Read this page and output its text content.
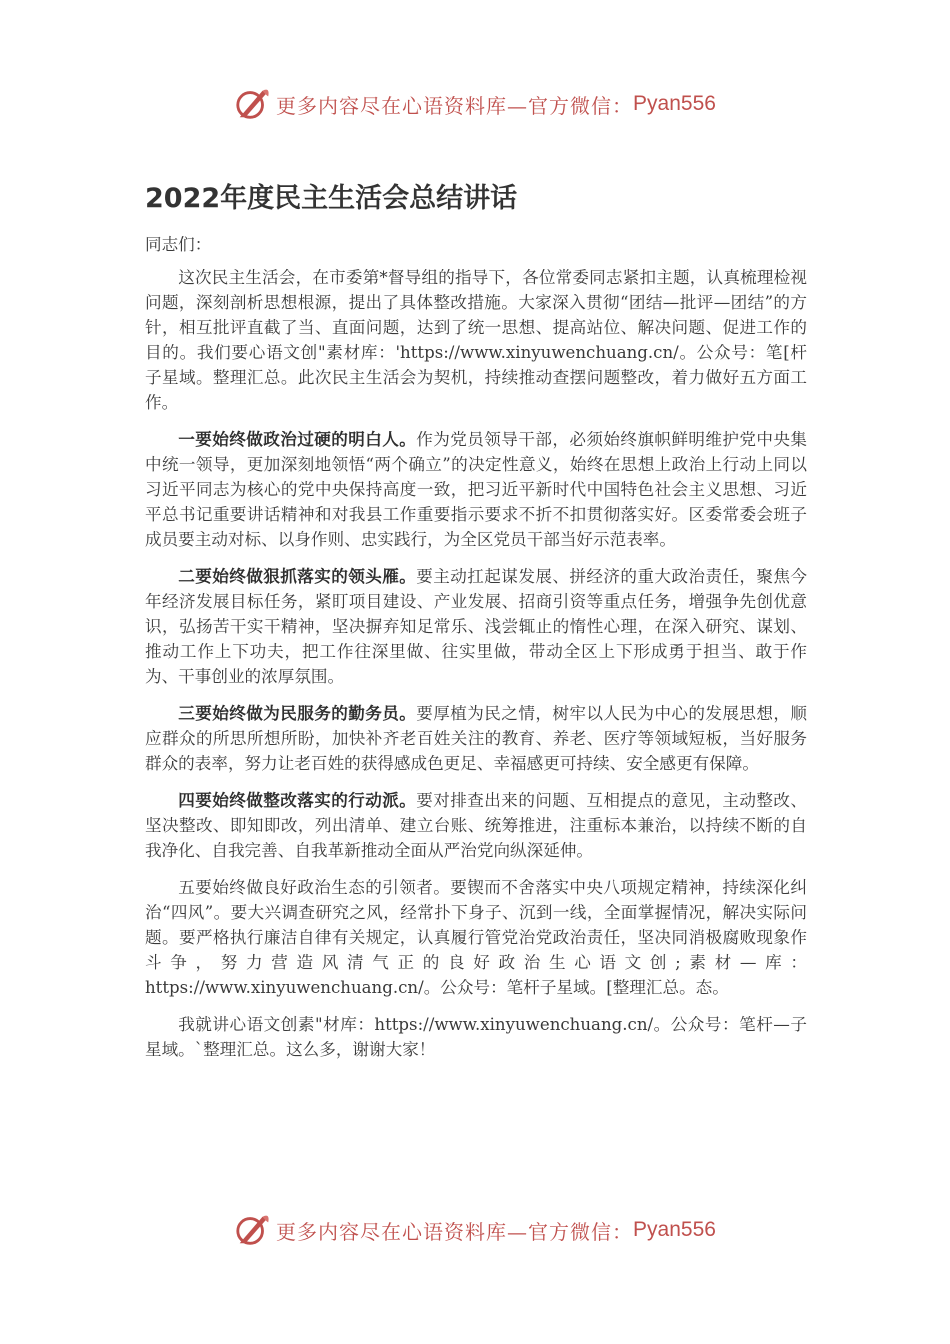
更多内容尽在心语资料库—官方微信： Pyan556
2022年度民主生活会总结讲话

同志们：

这次民主生活会，在市委第*督导组的指导下，各位常委同志紧扣主题，认真梳理检视问题，深刻剖析思想根源，提出了具体整改措施。大家深入贯彻“团结—批评—团结”的方针，相互批评直截了当、直面问题，达到了统一思想、提高站位、解决问题、促进工作的目的。我们要心语文创"素材库：'https://www.xinyuwenchuang.cn/。公众号：笔[杆子星域。整理汇总。此次民主生活会为契机，持续推动查摆问题整改，着力做好五方面工作。

一要始终做政治过硬的明白人。作为党员领导干部，必须始终旗帜鲜明维护党中央集中统一领导，更加深刻地领悟“两个确立”的决定性意义，始终在思想上政治上行动上同以习近平同志为核心的党中央保持高度一致，把习近平新时代中国特色社会主义思想、习近平总书记重要讲话精神和对我县工作重要指示要求不折不扣贯彻落实好。区委常委会班子成员要主动对标、以身作则、忠实践行，为全区党员干部当好示范表率。

二要始终做狠抓落实的领头雁。要主动扛起谋发展、拼经济的重大政治责任，聚焦今年经济发展目标任务，紧盯项目建设、产业发展、招商引资等重点任务，增强争先创优意识，弘扬苦干实干精神，坚决摒弃知足常乐、浅尝辄止的惰性心理，在深入研究、谋划、推动工作上下功夫，把工作往深里做、往实里做，带动全区上下形成勇于担当、敢于作为、干事创业的浓厚氛围。

三要始终做为民服务的勤务员。要厚植为民之情，树牢以人民为中心的发展思想，顺应群众的所思所想所盼，加快补齐老百姓关注的教育、养老、医疗等领域短板，当好服务群众的表率，努力让老百姓的获得感成色更足、幸福感更可持续、安全感更有保障。

四要始终做整改落实的行动派。要对排查出来的问题、互相提点的意见，主动整改、坚决整改、即知即改，列出清单、建立台账、统筹推进，注重标本兼治，以持续不断的自我净化、自我完善、自我革新推动全面从严治党向纵深延伸。

五要始终做良好政治生态的引领者。要锲而不舍落实中央八项规定精神，持续深化纠治“四风”。要大兴调查研究之风，经常扑下身子、沉到一线，全面掌握情况，解决实际问题。要严格执行廉洁自律有关规定，认真履行管党治党政治责任，坚决同消极腐败现象作斗争，努力营造风清气正的良好政治生心语文创;素材—库：https://www.xinyuwenchuang.cn/。公众号：笔杆子星域。[整理汇总。态。

我就讲心语文创素"材库：https://www.xinyuwenchuang.cn/。公众号：笔杆—子星域。`整理汇总。这么多，谢谢大家！

更多内容尽在心语资料库—官方微信： Pyan556
